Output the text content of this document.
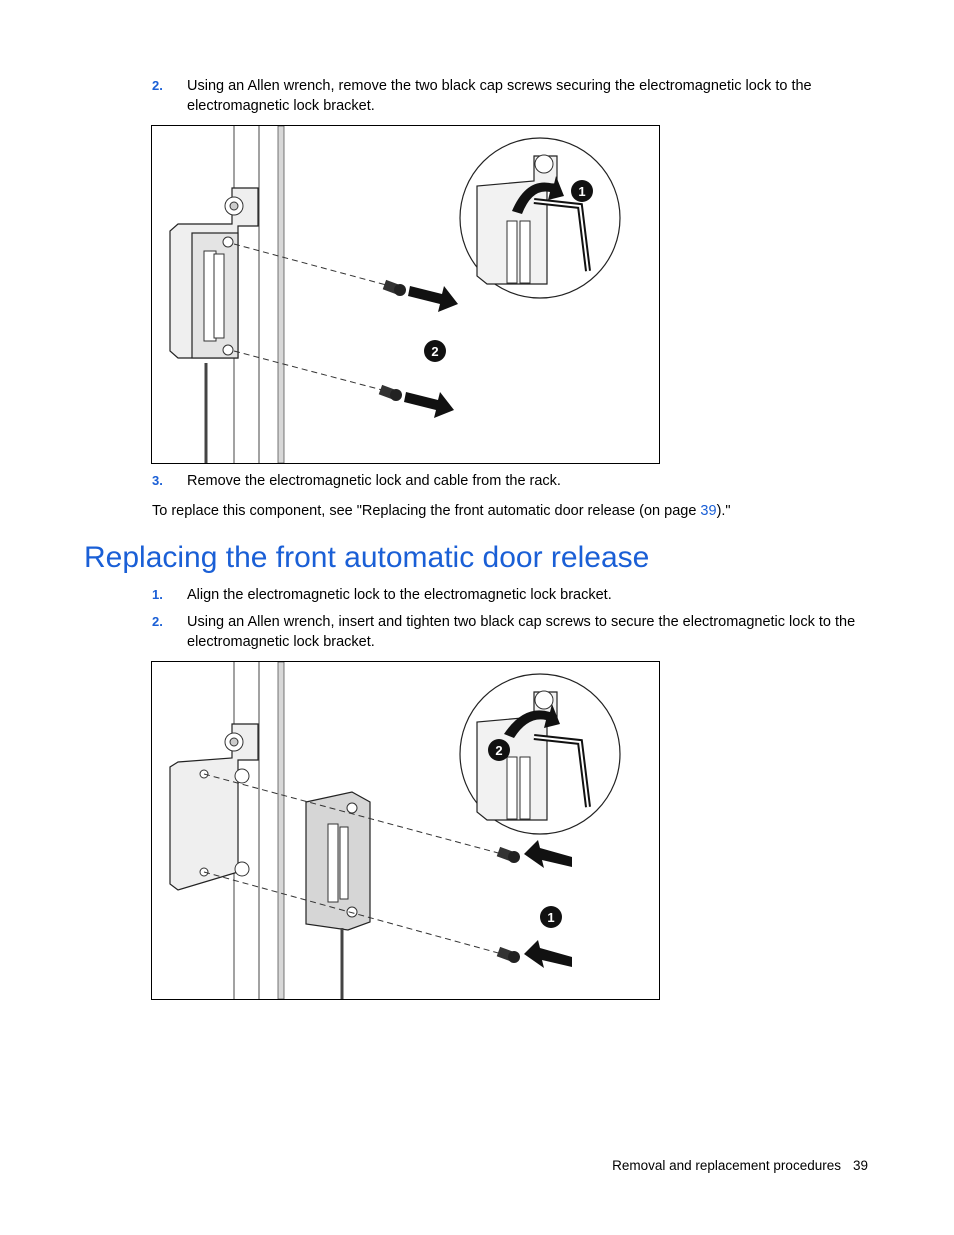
2. Using an Allen wrench, remove the two black cap screws securing the electromagnetic lock to the electromagnetic lock bracket.
1
2
3. Remove the electromagnetic lock and cable from the rack.
To replace this component, see "Replacing the front automatic door release (on page 39)."
Replacing the front automatic door release
1. Align the electromagnetic lock to the electromagnetic lock bracket.
2. Using an Allen wrench, insert and tighten two black cap screws to secure the electromagnetic lock to the electromagnetic lock bracket.
2
1
Removal and replacement procedures 39
